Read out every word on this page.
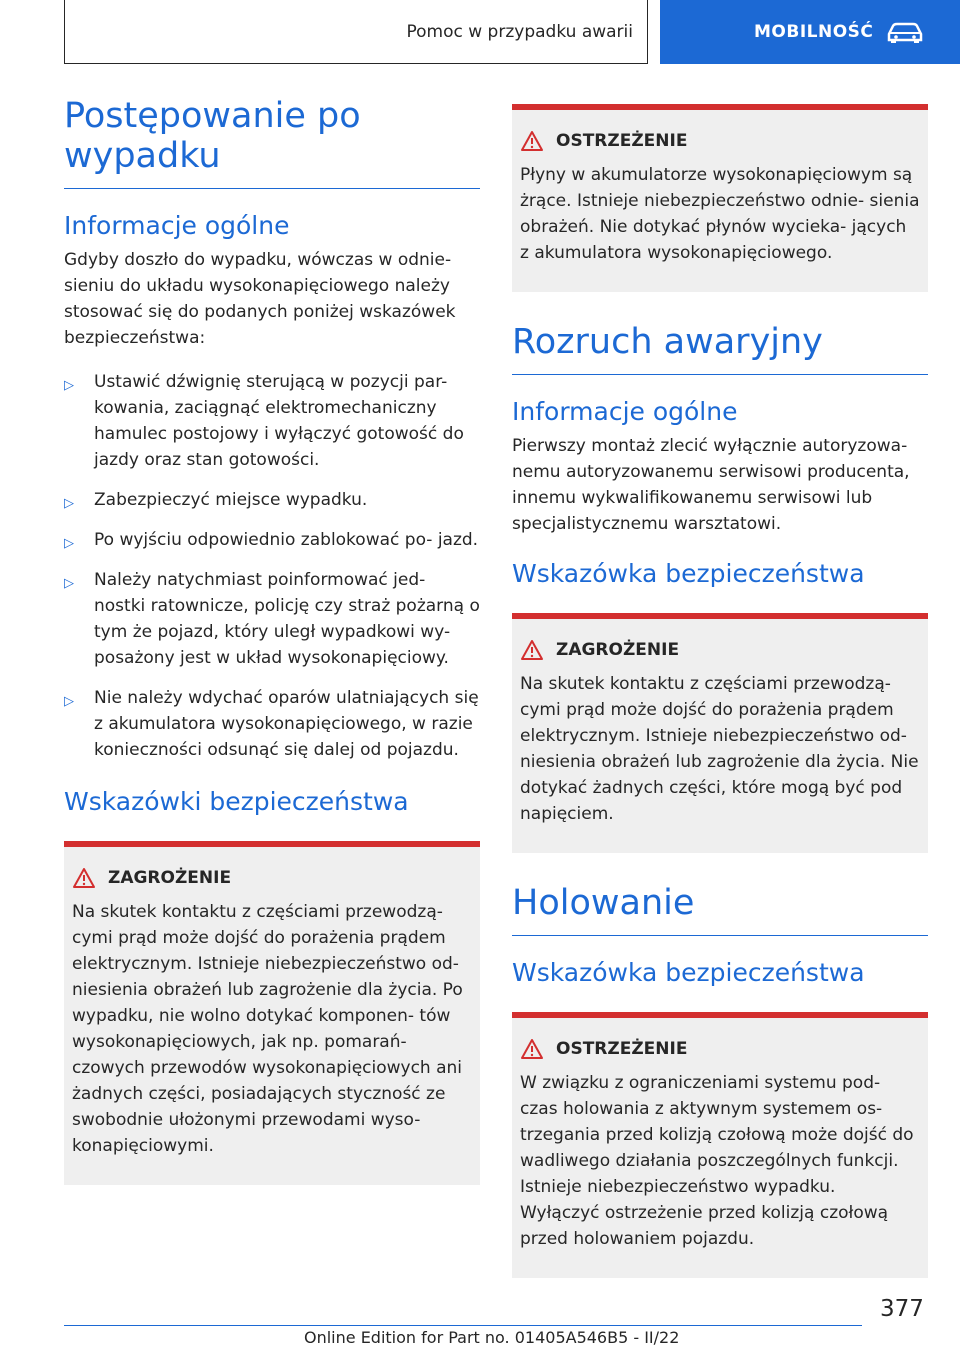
Pomoc w przypadku awarii	MOBILNOŚĆ
Postępowanie po wypadku
Informacje ogólne

Gdyby doszło do wypadku, wówczas w odnie- sieniu do układu wysokonapięciowego należy stosować się do podanych poniżej wskazówek bezpieczeństwa:

▷ Ustawić dźwignię sterującą w pozycji par- kowania, zaciągnąć elektromechaniczny hamulec postojowy i wyłączyć gotowość do jazdy oraz stan gotowości.
▷ Zabezpieczyć miejsce wypadku.
▷ Po wyjściu odpowiednio zablokować po- jazd.
▷ Należy natychmiast poinformować jed- nostki ratownicze, policję czy straż pożarną o tym że pojazd, który uległ wypadkowi wy- posażony jest w układ wysokonapięciowy.
▷ Nie należy wdychać oparów ulatniających się z akumulatora wysokonapięciowego, w razie konieczności odsunąć się dalej od pojazdu.
Wskazówki bezpieczeństwa
ZAGROŻENIE

Na skutek kontaktu z częściami przewodzą- cymi prąd może dojść do porażenia prądem elektrycznym. Istnieje niebezpieczeństwo od- niesienia obrażeń lub zagrożenie dla życia. Po wypadku, nie wolno dotykać komponen- tów wysokonapięciowych, jak np. pomarań- czowych przewodów wysokonapięciowych ani żadnych części, posiadających styczność ze swobodnie ułożonymi przewodami wyso- konapięciowymi.

OSTRZEŻENIE

Płyny w akumulatorze wysokonapięciowym są żrące. Istnieje niebezpieczeństwo odnie- sienia obrażeń. Nie dotykać płynów wycieka- jących z akumulatora wysokonapięciowego.

Rozruch awaryjny
Informacje ogólne

Pierwszy montaż zlecić wyłącznie autoryzowa- nemu autoryzowanemu serwisowi producenta, innemu wykwalifikowanemu serwisowi lub specjalistycznemu warsztatowi.

Wskazówka bezpieczeństwa
ZAGROŻENIE

Na skutek kontaktu z częściami przewodzą- cymi prąd może dojść do porażenia prądem elektrycznym. Istnieje niebezpieczeństwo od- niesienia obrażeń lub zagrożenie dla życia. Nie dotykać żadnych części, które mogą być pod napięciem.

Holowanie
Wskazówka bezpieczeństwa
OSTRZEŻENIE

W związku z ograniczeniami systemu pod- czas holowania z aktywnym systemem os- trzegania przed kolizją czołową może dojść do wadliwego działania poszczególnych funkcji. Istnieje niebezpieczeństwo wypadku. Wyłączyć ostrzeżenie przed kolizją czołową przed holowaniem pojazdu.

377
Online Edition for Part no. 01405A546B5 - II/22
